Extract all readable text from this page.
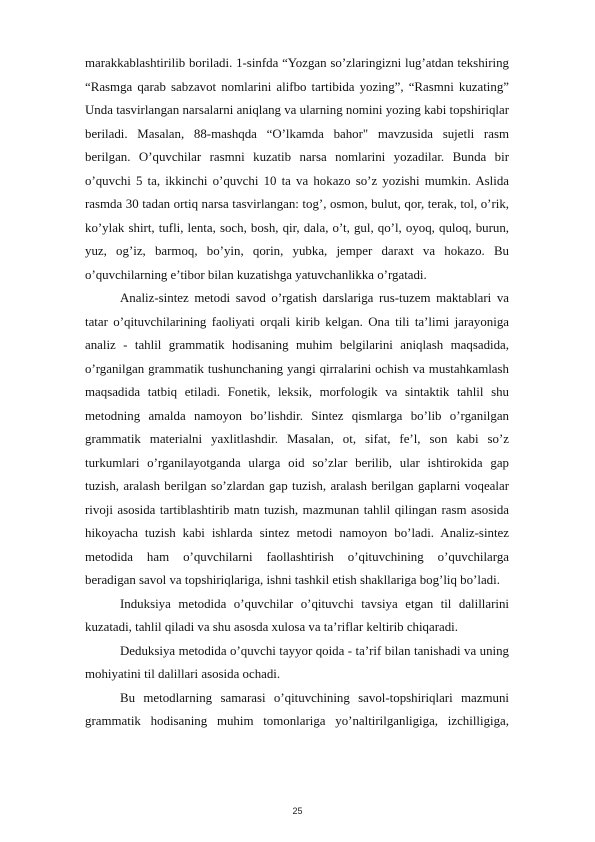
marakkablashtirilib boriladi. 1-sinfda “Yozgan so’zlaringizni lug’atdan tekshiring “Rasmga qarab sabzavot nomlarini alifbo tartibida yozing”, “Rasmni kuzating” Unda tasvirlangan narsalarni aniqlang va ularning nomini yozing kabi topshiriqlar beriladi. Masalan, 88-mashqda “O’lkamda bahor" mavzusida sujetli rasm berilgan. O’quvchilar rasmni kuzatib narsa nomlarini yozadilar. Bunda bir o’quvchi 5 ta, ikkinchi o’quvchi 10 ta va hokazo so’z yozishi mumkin. Aslida rasmda 30 tadan ortiq narsa tasvirlangan: tog’, osmon, bulut, qor, terak, tol, o’rik, ko’ylak shirt, tufli, lenta, soch, bosh, qir, dala, o’t, gul, qo’l, oyoq, quloq, burun, yuz, og’iz, barmoq, bo’yin, qorin, yubka, jemper daraxt va hokazo. Bu o’quvchilarning e’tibor bilan kuzatishga yatuvchanlikka o’rgatadi.

Analiz-sintez metodi savod o’rgatish darslariga rus-tuzem maktablari va tatar o’qituvchilarining faoliyati orqali kirib kelgan. Ona tili ta’limi jarayoniga analiz - tahlil grammatik hodisaning muhim belgilarini aniqlash maqsadida, o’rganilgan grammatik tushunchaning yangi qirralarini ochish va mustahkamlash maqsadida tatbiq etiladi. Fonetik, leksik, morfologik va sintaktik tahlil shu metodning amalda namoyon bo’lishdir. Sintez qismlarga bo’lib o’rganilgan grammatik materialni yaxlitlashdir. Masalan, ot, sifat, fe’l, son kabi so’z turkumlari o’rganilayotganda ularga oid so’zlar berilib, ular ishtirokida gap tuzish, aralash berilgan so’zlardan gap tuzish, aralash berilgan gaplarni voqealar rivoji asosida tartiblashtirib matn tuzish, mazmunan tahlil qilingan rasm asosida hikoyacha tuzish kabi ishlarda sintez metodi namoyon bo’ladi. Analiz-sintez metodida ham o’quvchilarni faollashtirish o’qituvchining o’quvchilarga beradigan savol va topshiriqlariga, ishni tashkil etish shakllariga bog’liq bo’ladi.

Induksiya metodida o’quvchilar o’qituvchi tavsiya etgan til dalillarini kuzatadi, tahlil qiladi va shu asosda xulosa va ta’riflar keltirib chiqaradi.

Deduksiya metodida o’quvchi tayyor qoida - ta’rif bilan tanishadi va uning mohiyatini til dalillari asosida ochadi.

Bu metodlarning samarasi o’qituvchining savol-topshiriqlari mazmuni grammatik hodisaning muhim tomonlariga yo’naltirilganligiga, izchilligiga,

25
